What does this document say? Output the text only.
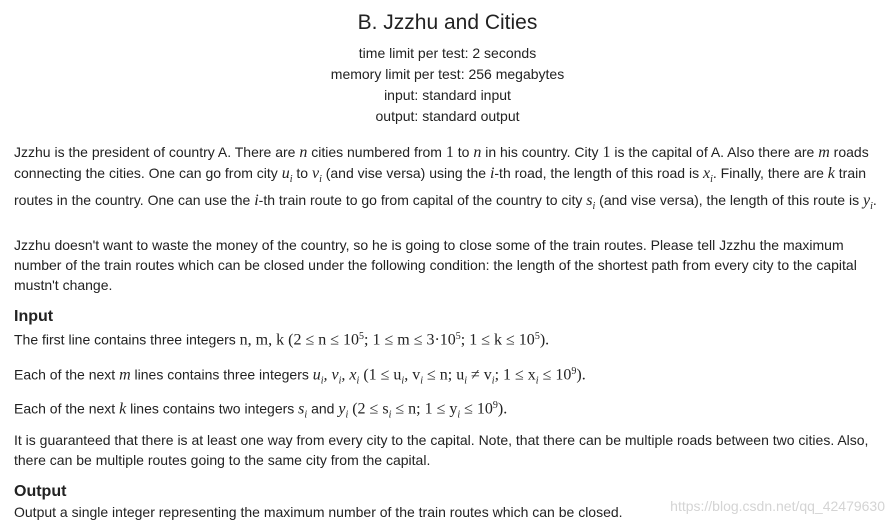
B. Jzzhu and Cities
time limit per test: 2 seconds
memory limit per test: 256 megabytes
input: standard input
output: standard output
Jzzhu is the president of country A. There are n cities numbered from 1 to n in his country. City 1 is the capital of A. Also there are m roads connecting the cities. One can go from city $u_i$ to $v_i$ (and vise versa) using the i-th road, the length of this road is $x_i$. Finally, there are k train routes in the country. One can use the i-th train route to go from capital of the country to city $s_i$ (and vise versa), the length of this route is $y_i$.
Jzzhu doesn't want to waste the money of the country, so he is going to close some of the train routes. Please tell Jzzhu the maximum number of the train routes which can be closed under the following condition: the length of the shortest path from every city to the capital mustn't change.
Input
The first line contains three integers n, m, k ($2 \le n \le 10^5$; $1 \le m \le 3\cdot 10^5$; $1 \le k \le 10^5$).
Each of the next m lines contains three integers $u_i$, $v_i$, $x_i$ ($1 \le u_i$, $v_i \le n$; $u_i \ne v_i$; $1 \le x_i \le 10^9$).
Each of the next k lines contains two integers $s_i$ and $y_i$ ($2 \le s_i \le n$; $1 \le y_i \le 10^9$).
It is guaranteed that there is at least one way from every city to the capital. Note, that there can be multiple roads between two cities. Also, there can be multiple routes going to the same city from the capital.
Output
Output a single integer representing the maximum number of the train routes which can be closed.	https://blog.csdn.net/qq_42479630
